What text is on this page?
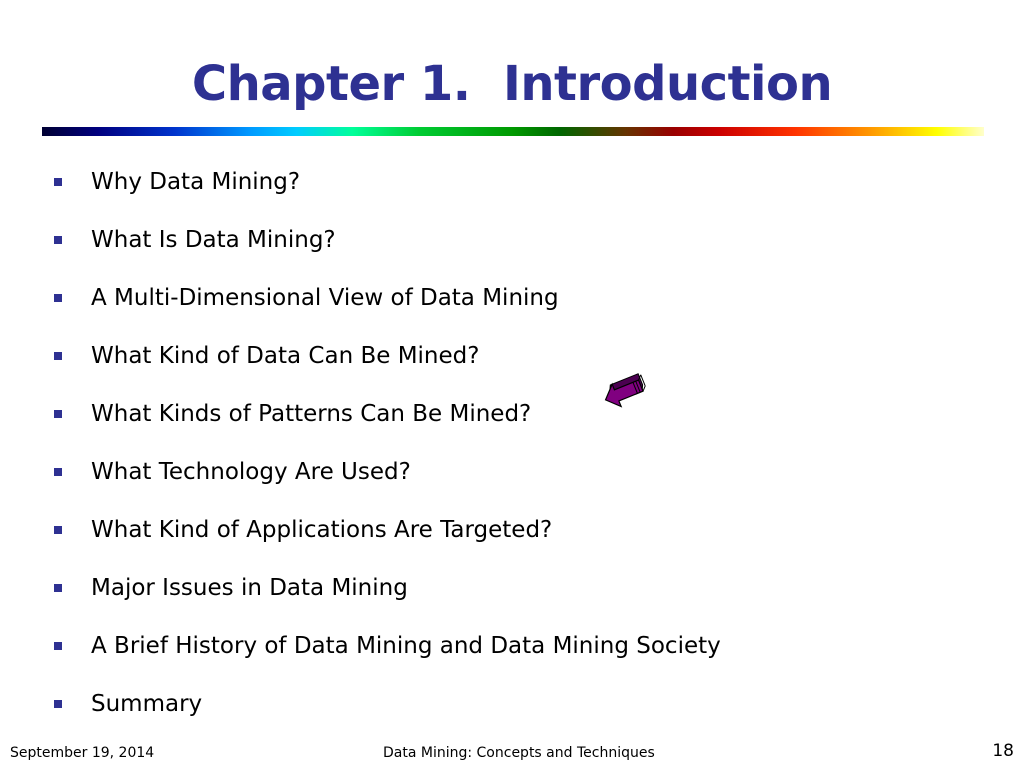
Chapter 1.  Introduction
Why Data Mining?
What Is Data Mining?
A Multi-Dimensional View of Data Mining
What Kind of Data Can Be Mined?
What Kinds of Patterns Can Be Mined?
What Technology Are Used?
What Kind of Applications Are Targeted?
Major Issues in Data Mining
A Brief History of Data Mining and Data Mining Society
Summary
September 19, 2014	Data Mining: Concepts and Techniques	18
